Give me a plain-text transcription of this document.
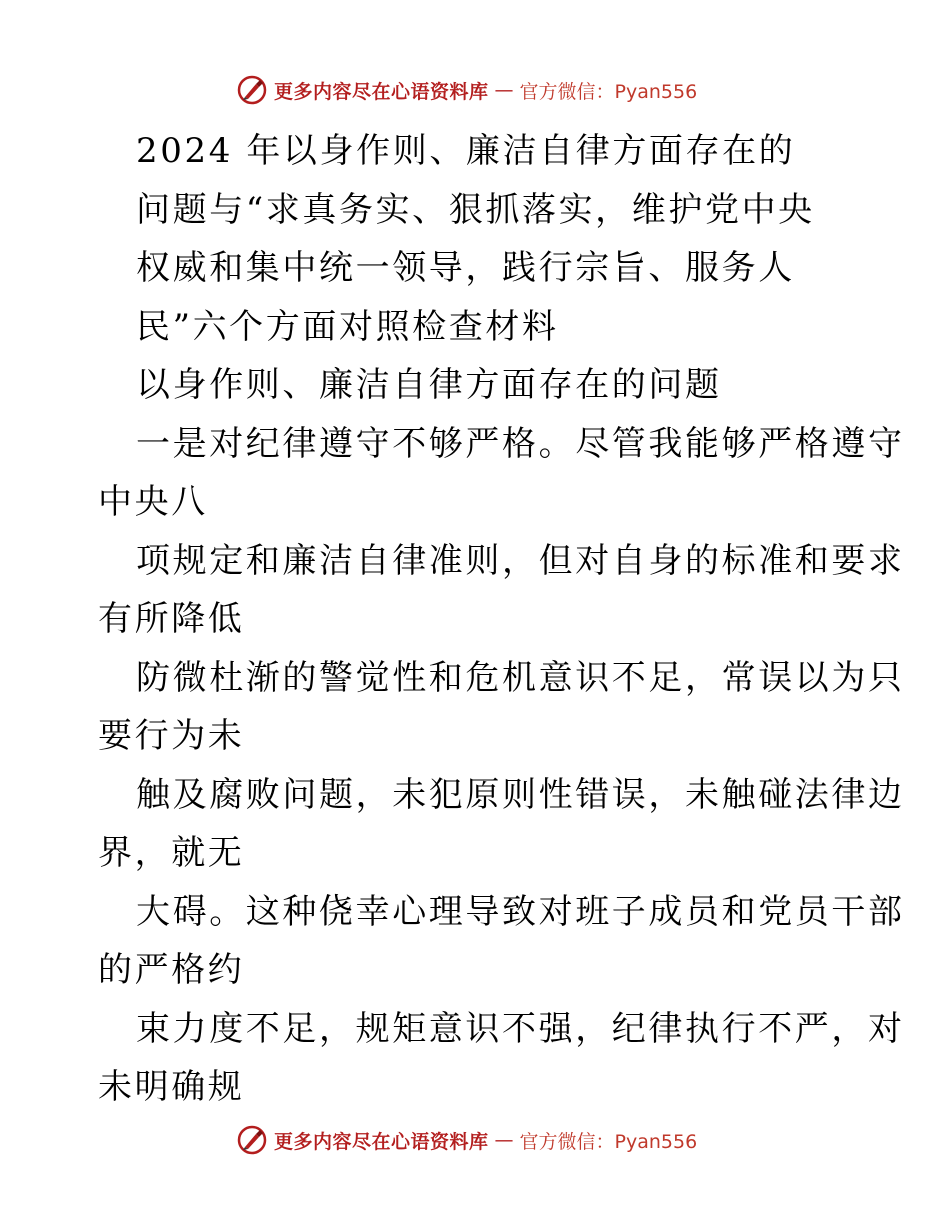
更多内容尽在心语资料库 — 官方微信：Pyan556
2024 年以身作则、廉洁自律方面存在的
问题与“求真务实、狠抓落实，维护党中央
权威和集中统一领导，践行宗旨、服务人
民”六个方面对照检查材料
以身作则、廉洁自律方面存在的问题
一是对纪律遵守不够严格。尽管我能够严格遵守
中央八
项规定和廉洁自律准则，但对自身的标准和要求
有所降低
防微杜渐的警觉性和危机意识不足，常误以为只
要行为未
触及腐败问题，未犯原则性错误，未触碰法律边
界，就无
大碍。这种侥幸心理导致对班子成员和党员干部
的严格约
束力度不足，规矩意识不强，纪律执行不严，对
未明确规
更多内容尽在心语资料库 — 官方微信：Pyan556
